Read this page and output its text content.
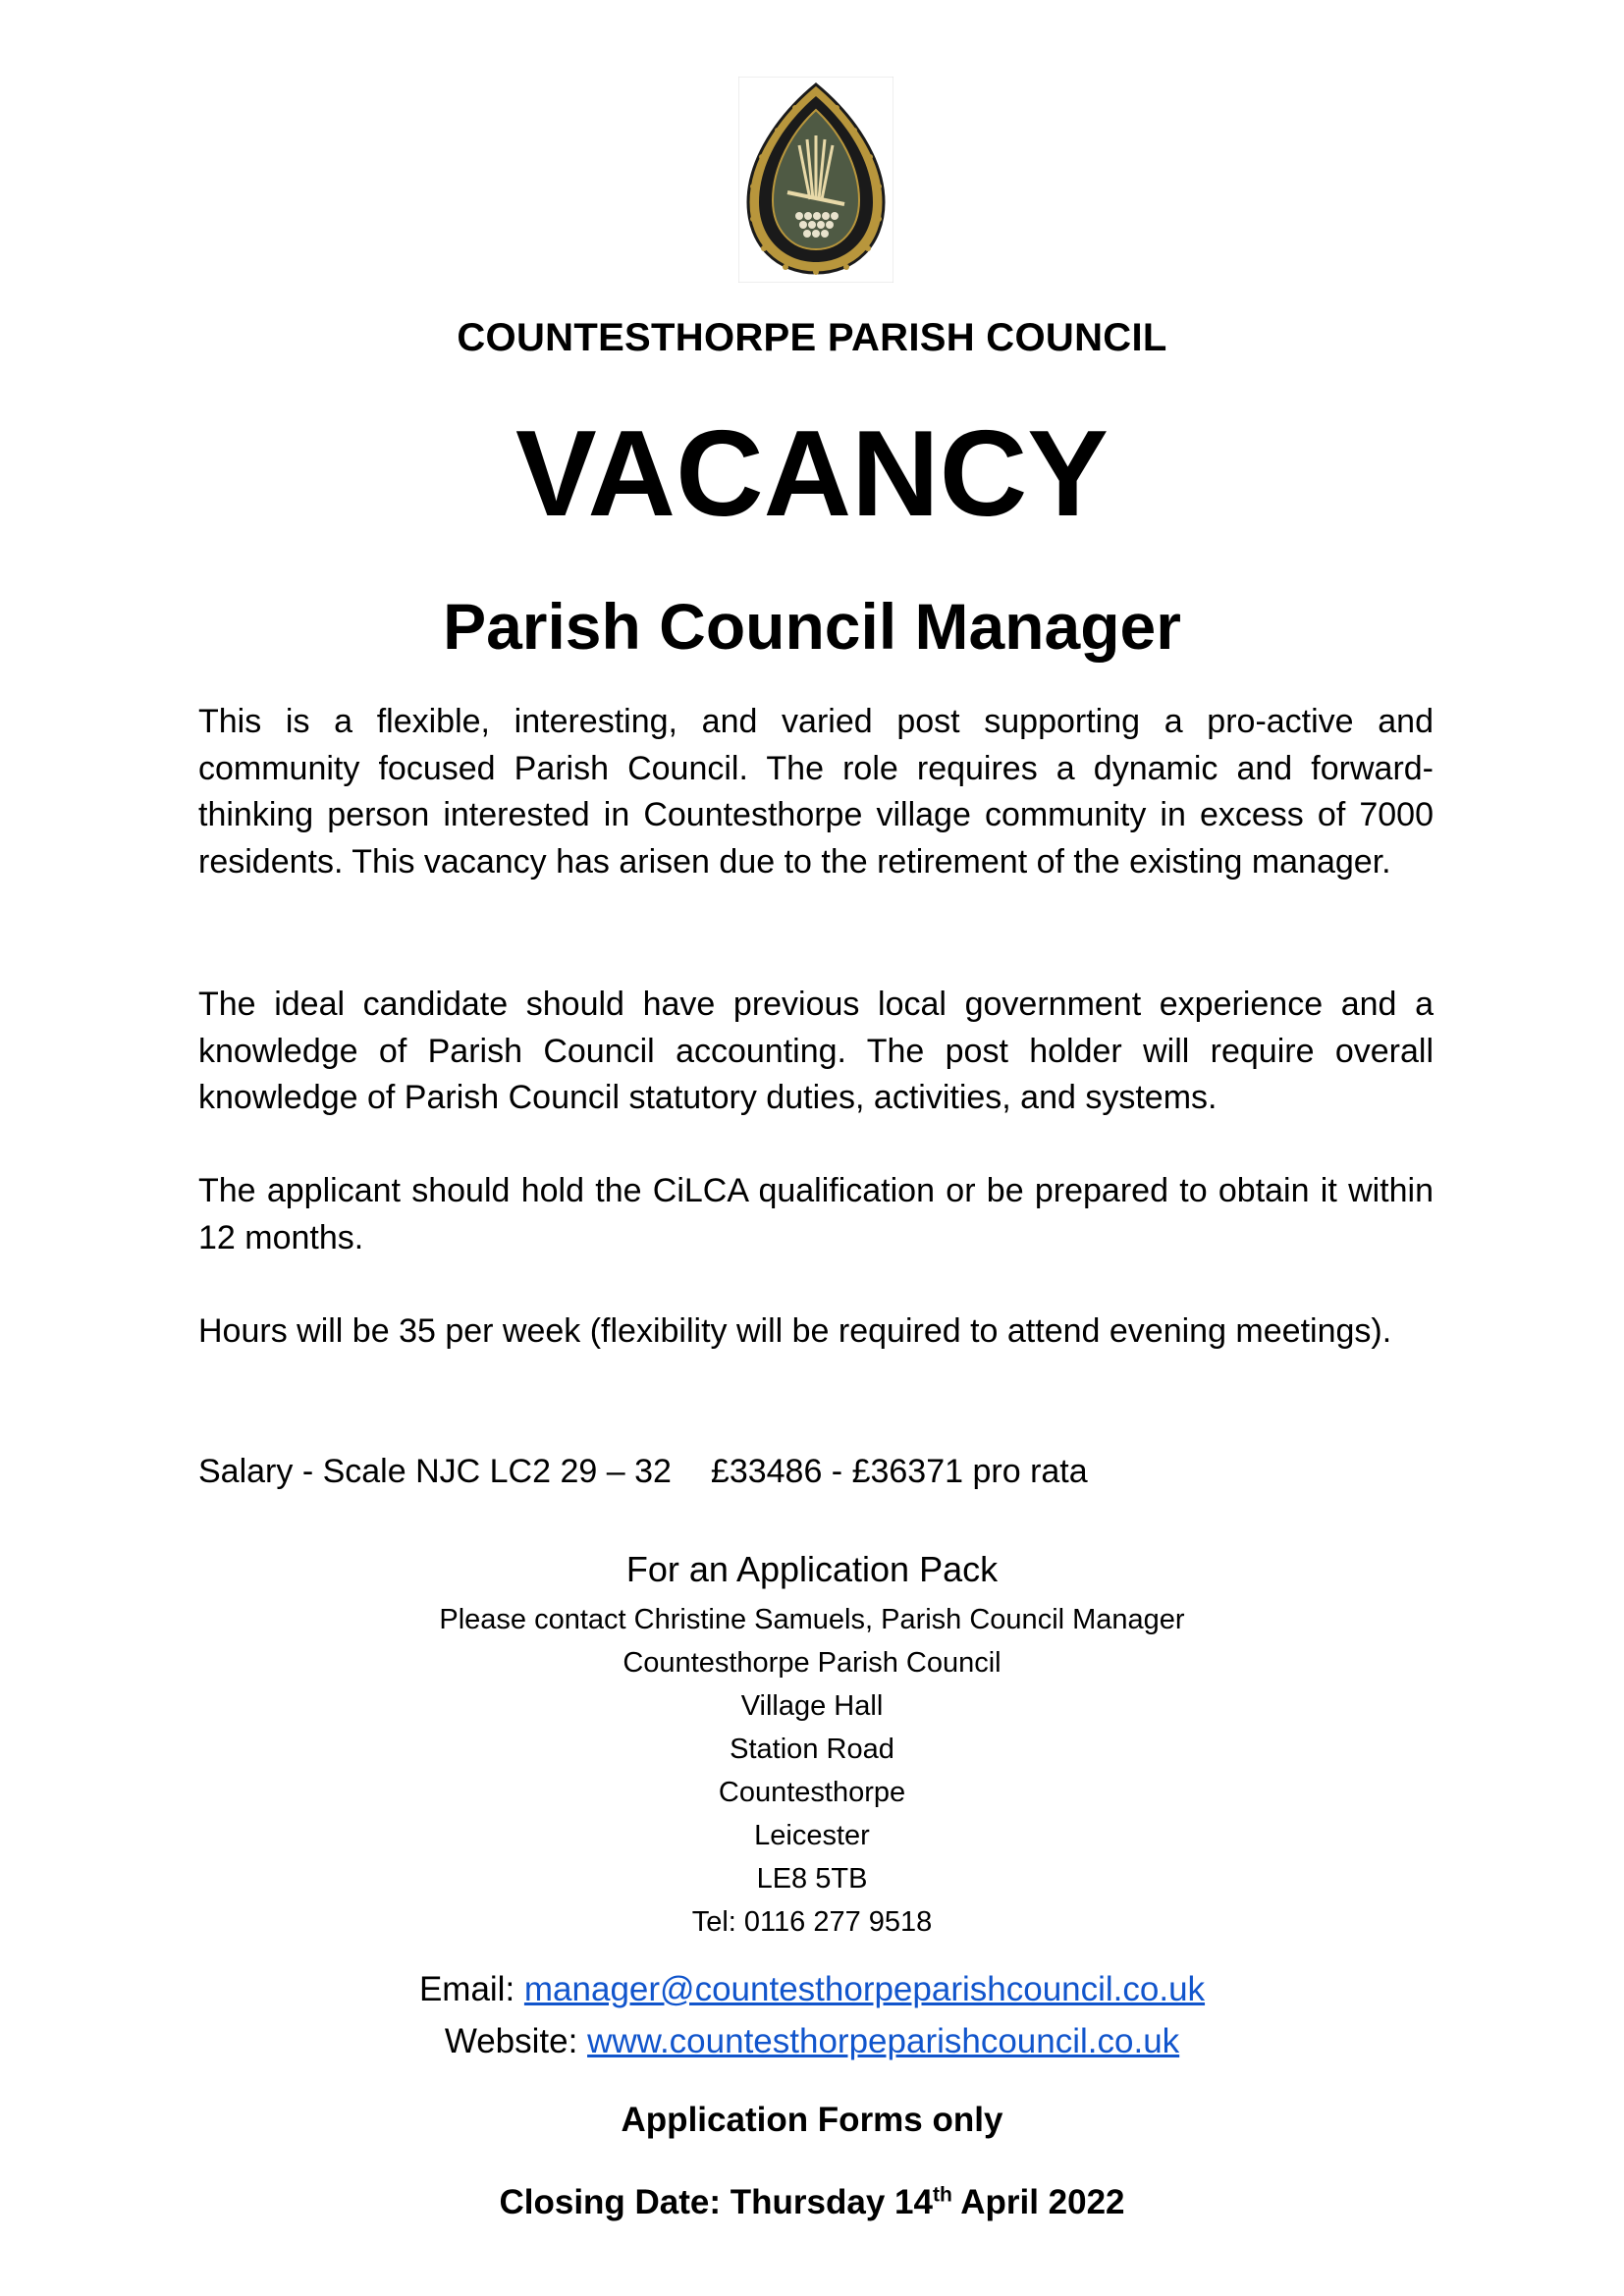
COUNTESTHORPE PARISH COUNCIL
VACANCY
Parish Council Manager

This is a flexible, interesting, and varied post supporting a pro-active and community focused Parish Council. The role requires a dynamic and forward-thinking person interested in Countesthorpe village community in excess of 7000 residents. This vacancy has arisen due to the retirement of the existing manager.

The ideal candidate should have previous local government experience and a knowledge of Parish Council accounting. The post holder will require overall knowledge of Parish Council statutory duties, activities, and systems.

The applicant should hold the CiLCA qualification or be prepared to obtain it within 12 months.

Hours will be 35 per week (flexibility will be required to attend evening meetings).

Salary - Scale NJC LC2 29 – 32 £33486 - £36371 pro rata
For an Application Pack
Please contact Christine Samuels, Parish Council Manager
Countesthorpe Parish Council
Village Hall
Station Road
Countesthorpe
Leicester
LE8 5TB
Tel: 0116 277 9518
Email: manager@countesthorpeparishcouncil.co.uk
Website: www.countesthorpeparishcouncil.co.uk
Application Forms only
Closing Date: Thursday 14th April 2022
